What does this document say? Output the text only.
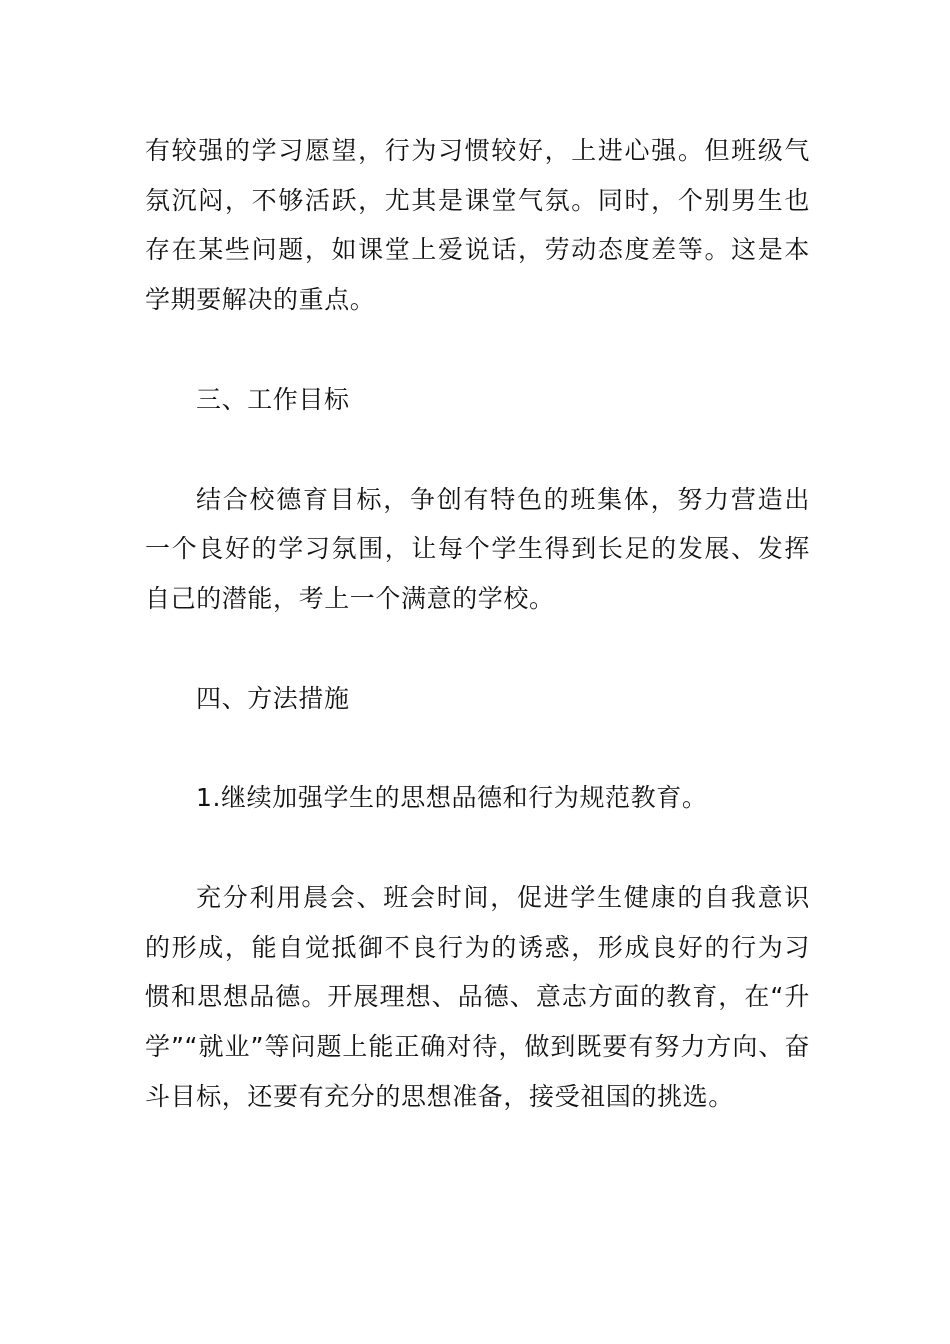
有较强的学习愿望，行为习惯较好，上进心强。但班级气氛沉闷，不够活跃，尤其是课堂气氛。同时，个别男生也存在某些问题，如课堂上爱说话，劳动态度差等。这是本学期要解决的重点。

三、工作目标

结合校德育目标，争创有特色的班集体，努力营造出一个良好的学习氛围，让每个学生得到长足的发展、发挥自己的潜能，考上一个满意的学校。

四、方法措施

1.继续加强学生的思想品德和行为规范教育。

充分利用晨会、班会时间，促进学生健康的自我意识的形成，能自觉抵御不良行为的诱惑，形成良好的行为习惯和思想品德。开展理想、品德、意志方面的教育，在“升学”“就业”等问题上能正确对待，做到既要有努力方向、奋斗目标，还要有充分的思想准备，接受祖国的挑选。
